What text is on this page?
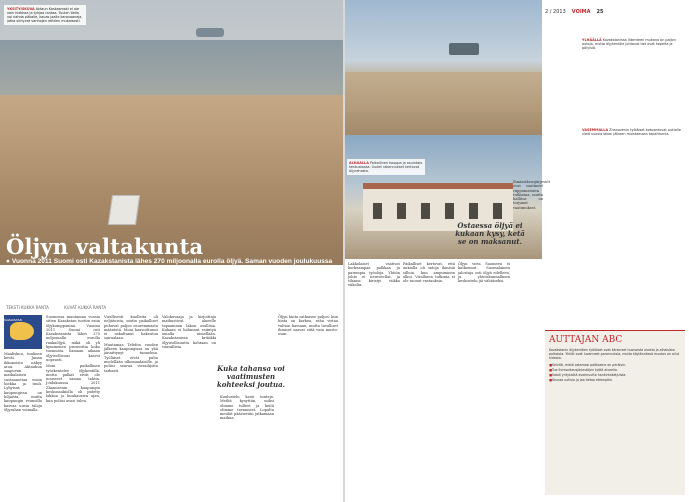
YKSITYISKUVA Aktaun Kaskasmaki ei ole vain hiekkaa ja tyhjaa rantaa. Tuulen tiella voi nahda pitkalle, kauas jaalle karavaaneja, jotka siirtyvat vanhojen reittien mukaisesti.
Öljyn valtakunta

● Vuonna 2011 Suomi osti Kazakstanista lähes 270 miljoonalla eurolla öljyä. Saman vuoden joulukuussa Zhanozenin öljykaupungissa poliisi avasi tulen kohti lakkoilevia öljytyöläisiä. Kukka Ranta vieraili veriöljyn tapahtumapaikoilla viime syksynä. Mustalaiset miehet seuraavat mukana.

TEKSTI KUKKA RANTA	KUVAT KUKKA RANTA
KAZAKSTAN

Maaliskuu, tuulinen kevät. Junan ikkunoista näkyy aroa. Aktauhun saapuvan matkalaisen vastaanottaa ensin hiekka ja tuuli. Lyhyissä kaupungissa on hiljaista, mutta kaupungin reunoilla kasvaa uusia taloja öljyrahan voimalla.

Suomessa muutamaa vuosia sitten Kazakstan tuotiin esiin öljykumppanina. Vuonna 2011 Suomi osti Kazakstanista lähes 270 miljoonalla eurolla raakaöljyä, mikä oli yli kymmenen prosenttia koko tuonnista. Samaan aikaan öljyteollisuus kasvoi nopeasti.

Moni paikallinen työskentelee öljykentillä, mutta palkat eivät ole nousseet samaa tahtia. Joulukuussa 2011 Zhanozenin kaupungin keskusaukiolla oli pidetty lakkoa jo kuukausien ajan, kun poliisi avasi tulen.

Virallisesti kuolleita oli neljätoista, mutta paikalliset puhuvat paljon suuremmasta määrästä. Moni haavoittunut ei uskaltanut hakeutua sairaalaan.

Muutamaa Telefon vuoden jälkeen kaupungissa on yhä jännittynyt tunnelma. Työläiset eivät puhu mielellään ulkomaalaisille, ja poliisi seuraa vierailijoita tarkasti.

Valokuvaaja ja kirjoittaja matkustivat alueelle tapaamaan lakon osallisia. Kukaan ei halunnut esiintyä omalla nimellään. Kazakstanissa kritiikki öljyteollisuutta kohtaan on vaarallista.

Kuka tahansa voi vaatimusten kohteeksi joutua.

Kuulustelu kesti tunteja. Meiltä kysyttiin, miksi olimme tulleet ja keitä olimme tavanneet. Lopulta meidät päästettiin jatkamaan matkaa.

Öljyn hinta ratkaisee paljon: kun hinta on korkea, raha virtaa valtion kassaan, mutta tavalliset ihmiset saavat siitä vain murto-osan.

2 / 2013 VOIMA 25
ALHAALLA Paikallinen kauppa ja asuintalo keskustassa. Uudet rakennukset kertovat öljyrahasta.
YLHÄÄLLÄ Kazakstanissa liikenteen mukana on paljon autoja, mutta öljykentille johtavat tiet ovat kapeita ja pölyisiä.
VASEMMALLA Zhanozenin työläiset kokoontuvat aukiolle vielä vuosia lakon jälkeen muistamaan tapahtumia.

Lakkolaiset vaativat korkeampaa palkkaa ja parempia työoloja. Yhtiön johto ei neuvotellut, ja tilanne kiristyi viikko viikolta.

Paikalliset kertovat, että aukiolla oli satoja ihmisiä silloin, kun ampuminen alkoi. Virallinen tutkinta ei ole tuonut vastauksia.

Ostaessa öljyä ei kukaan kysy, ketä se on maksanut.

Öljyn virta Suomeen ei katkennut. Suomalainen jalostaja osti öljyä edelleen, ja yhteiskunnallinen keskustelu jäi vähäiseksi.

Ihmisoikeusjärjestöt ovat vaatineet riippumatonta tutkintaa, mutta hallitus on torjunut vaatimukset.

AUTTAJAN ABC

Kazakstanin öljykenttien työläiset ovat kärsineet huonoista oloista ja alhaisista palkoista. Yhtiöt ovat luvanneet parannuksia, mutta käytännössä muutos on ollut hidasta.

■ Selvitä, mistä ostamasi polttoaine on peräisin.
■ Tue ihmisoikeusjärjestöjen työtä alueella.
■ Vaadi yrityksiltä avoimuutta hankintaketjuista.
■ Seuraa uutisia ja jaa tietoa eteenpäin.
